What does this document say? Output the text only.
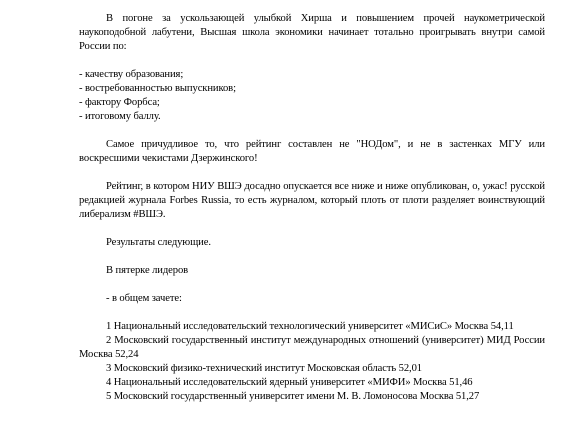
В погоне за ускользающей улыбкой Хирша и повышением прочей наукометрической наукоподобной лабутени, Высшая школа экономики начинает тотально проигрывать внутри самой России по:

- качеству образования;
- востребованностью выпускников;
- фактору Форбса;
- итоговому баллу.

Самое причудливое то, что рейтинг составлен не "НОДом", и не в застенках МГУ или воскресшими чекистами Дзержинского!

Рейтинг, в котором НИУ ВШЭ досадно опускается все ниже и ниже опубликован, о, ужас! русской редакцией журнала Forbes Russia, то есть журналом, который плоть от плоти разделяет воинствующий либерализм #ВШЭ.

Результаты следующие.

В пятерке лидеров

- в общем зачете:

1 Национальный исследовательский технологический университет «МИСиС» Москва 54,11

2 Московский государственный институт международных отношений (университет) МИД России Москва 52,24

3 Московский физико-технический институт Московская область 52,01

4 Национальный исследовательский ядерный университет «МИФИ» Москва 51,46

5 Московский государственный университет имени М. В. Ломоносова Москва 51,27
